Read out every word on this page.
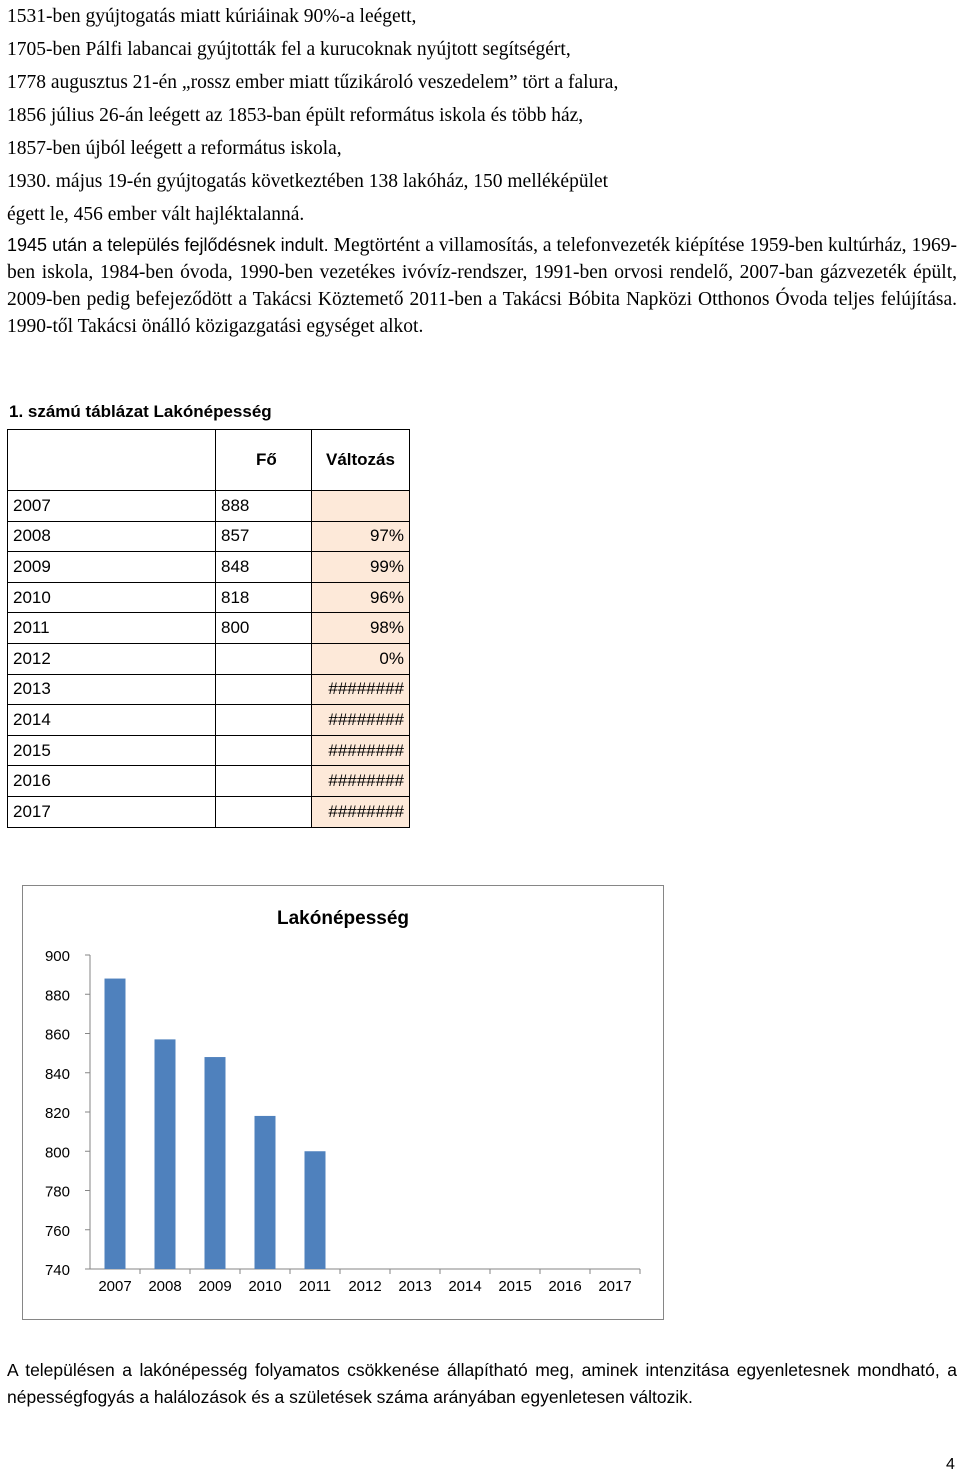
1531-ben gyújtogatás miatt kúriáinak 90%-a leégett,
1705-ben Pálfi labancai gyújtották fel a kurucoknak nyújtott segítségért,
1778 augusztus 21-én „rossz ember miatt tűzikároló veszedelem” tört a falura,
1856 július 26-án leégett az 1853-ban épült református iskola és több ház,
1857-ben újból leégett a református iskola,
1930. május 19-én gyújtogatás következtében 138 lakóház, 150 melléképület
égett le, 456 ember vált hajléktalanná.
1945 után a település fejlődésnek indult. Megtörtént a villamosítás, a telefonvezeték kiépítése 1959-ben kultúrház, 1969-ben iskola, 1984-ben óvoda, 1990-ben vezetékes ivóvíz-rendszer, 1991-ben orvosi rendelő, 2007-ban gázvezeték épült, 2009-ben pedig befejeződött a Takácsi Köztemető 2011-ben a Takácsi Bóbita Napközi Otthonos Óvoda teljes felújítása. 1990-től Takácsi önálló közigazgatási egységet alkot.
1. számú táblázat Lakónépesség
	Fő	Változás
2007	888	
2008	857	97%
2009	848	99%
2010	818	96%
2011	800	98%
2012		0%
2013		########
2014		########
2015		########
2016		########
2017		########
Lakónépesség
740
760
780
800
820
840
860
880
900
2007 2008 2009 2010 2011 2012 2013 2014 2015 2016 2017
A településen a lakónépesség folyamatos csökkenése állapítható meg, aminek intenzitása egyenletesnek mondható, a népességfogyás a halálozások és a születések száma arányában egyenletesen változik.
4
